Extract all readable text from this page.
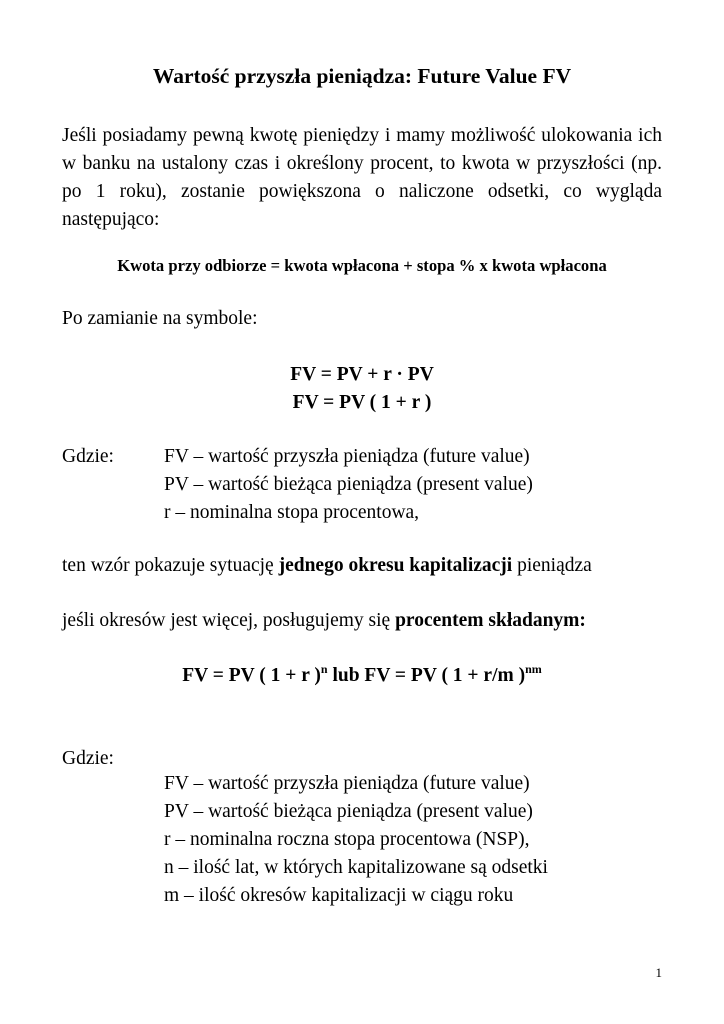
Wartość przyszła pieniądza: Future Value FV

Jeśli posiadamy pewną kwotę pieniędzy i mamy możliwość ulokowania ich w banku na ustalony czas i określony procent, to kwota w przyszłości (np. po 1 roku), zostanie powiększona o naliczone odsetki, co wygląda następująco:

Kwota przy odbiorze = kwota wpłacona + stopa % x kwota wpłacona
Po zamianie na symbole:
FV = PV + r · PV
FV = PV ( 1 + r )
Gdzie:	FV – wartość przyszła pieniądza (future value)
PV – wartość bieżąca pieniądza (present value)
r – nominalna stopa procentowa,
ten wzór pokazuje sytuację jednego okresu kapitalizacji pieniądza
jeśli okresów jest więcej, posługujemy się procentem składanym:
FV = PV ( 1 + r )$^n$ lub FV = PV ( 1 + r/m )$^{nm}$
Gdzie:
FV – wartość przyszła pieniądza (future value)
PV – wartość bieżąca pieniądza (present value)
r – nominalna roczna stopa procentowa (NSP),
n – ilość lat, w których kapitalizowane są odsetki
m – ilość okresów kapitalizacji w ciągu roku
1
